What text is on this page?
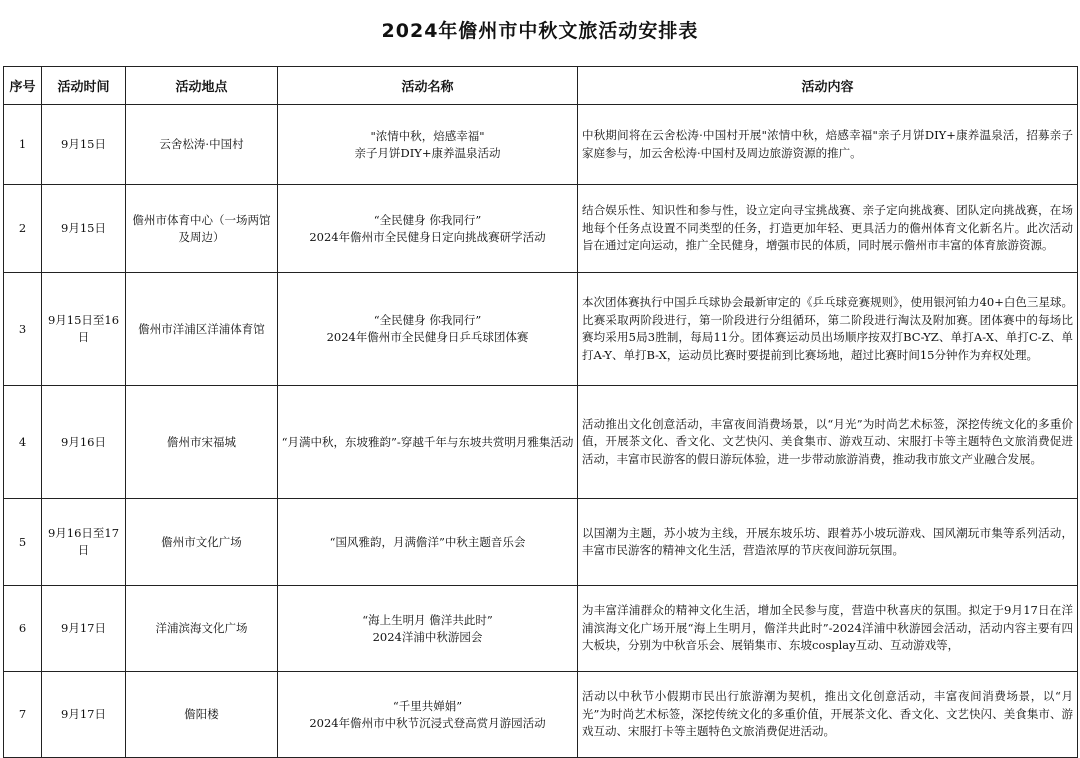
2024年儋州市中秋文旅活动安排表
序号	活动时间	活动地点	活动名称	活动内容
1	9月15日	云舍松涛·中国村	"浓情中秋，焙感幸福"
亲子月饼DIY+康养温泉活动	中秋期间将在云舍松涛·中国村开展"浓情中秋，焙感幸福"亲子月饼DIY+康养温泉活，招募亲子家庭参与，加云舍松涛·中国村及周边旅游资源的推广。
2	9月15日	儋州市体育中心（一场两馆及周边）	“全民健身 你我同行”
2024年儋州市全民健身日定向挑战赛研学活动	结合娱乐性、知识性和参与性，设立定向寻宝挑战赛、亲子定向挑战赛、团队定向挑战赛，在场地每个任务点设置不同类型的任务，打造更加年轻、更具活力的儋州体育文化新名片。此次活动旨在通过定向运动，推广全民健身，增强市民的体质，同时展示儋州市丰富的体育旅游资源。
3	9月15日至16日	儋州市洋浦区洋浦体育馆	“全民健身 你我同行”
2024年儋州市全民健身日乒乓球团体赛	本次团体赛执行中国乒乓球协会最新审定的《乒乓球竞赛规则》，使用银河铂力40+白色三星球。比赛采取两阶段进行，第一阶段进行分组循环，第二阶段进行淘汰及附加赛。团体赛中的每场比赛均采用5局3胜制，每局11分。团体赛运动员出场顺序按双打BC-YZ、单打A-X、单打C-Z、单打A-Y、单打B-X，运动员比赛时要提前到比赛场地，超过比赛时间15分钟作为弃权处理。
4	9月16日	儋州市宋福城	“月满中秋，东坡雅韵”-穿越千年与东坡共赏明月雅集活动	活动推出文化创意活动，丰富夜间消费场景，以“月光”为时尚艺术标签，深挖传统文化的多重价值，开展茶文化、香文化、文艺快闪、美食集市、游戏互动、宋服打卡等主题特色文旅消费促进活动，丰富市民游客的假日游玩体验，进一步带动旅游消费，推动我市旅文产业融合发展。
5	9月16日至17日	儋州市文化广场	“国风雅韵，月满儋洋”中秋主题音乐会	以国潮为主题，苏小坡为主线，开展东坡乐坊、跟着苏小坡玩游戏、国风潮玩市集等系列活动，丰富市民游客的精神文化生活，营造浓厚的节庆夜间游玩氛围。
6	9月17日	洋浦滨海文化广场	“海上生明月 儋洋共此时”
2024洋浦中秋游园会	为丰富洋浦群众的精神文化生活，增加全民参与度，营造中秋喜庆的氛围。拟定于9月17日在洋浦滨海文化广场开展“海上生明月，儋洋共此时”-2024洋浦中秋游园会活动，活动内容主要有四大板块，分别为中秋音乐会、展销集市、东坡cosplay互动、互动游戏等，
7	9月17日	儋阳楼	“千里共婵娟”
2024年儋州市中秋节沉浸式登高赏月游园活动	活动以中秋节小假期市民出行旅游潮为契机，推出文化创意活动，丰富夜间消费场景，以“月光”为时尚艺术标签，深挖传统文化的多重价值，开展茶文化、香文化、文艺快闪、美食集市、游戏互动、宋服打卡等主题特色文旅消费促进活动。
